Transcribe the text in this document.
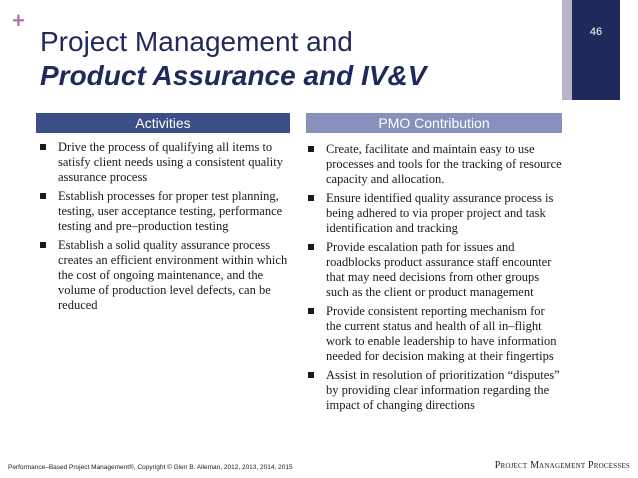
+
Project Management and
Product Assurance and IV&V
46
Activities	PMO Contribution
Drive the process of qualifying all items to satisfy client needs using a consistent quality assurance process
Establish processes for proper test planning, testing, user acceptance testing, performance testing and pre–production testing
Establish a solid quality assurance process creates an efficient environment within which the cost of ongoing maintenance, and the volume of production level defects, can be reduced
Create, facilitate and maintain easy to use processes and tools for the tracking of resource capacity and allocation.
Ensure identified quality assurance process is being adhered to via proper project and task identification and tracking
Provide escalation path for issues and roadblocks product assurance staff encounter that may need decisions from other groups such as the client or product management
Provide consistent reporting mechanism for the current status and health of all in–flight work to enable leadership to have information needed for decision making at their fingertips
Assist in resolution of prioritization “disputes” by providing clear information regarding the impact of changing directions
Performance–Based Project Management®, Copyright © Glen B. Alleman, 2012, 2013, 2014, 2015	Project Management Processes
